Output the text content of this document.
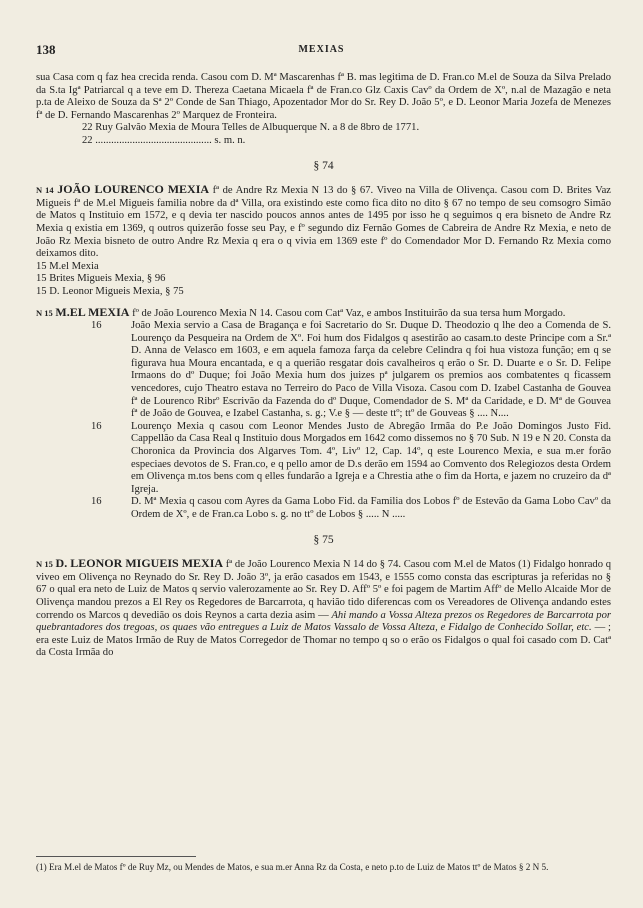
138	MEXIAS

sua Casa com q faz hea crecida renda. Casou com D. Mª Mascarenhas fª B. mas legitima de D. Fran.co M.el de Souza da Silva Prelado da S.ta Igª Patriarcal q a teve em D. Thereza Caetana Micaela fª de Fran.co Glz Caxis Cavº da Ordem de Xº, n.al de Mazagão e neta p.ta de Aleixo de Souza da Sª 2º Conde de San Thiago, Apozentador Mor do Sr. Rey D. João 5º, e D. Leonor Maria Jozefa de Menezes fª de D. Fernando Mascarenhas 2º Marquez de Fronteira.

22 Ruy Galvão Mexia de Moura Telles de Albuquerque N. a 8 de 8bro de 1771.

22 ............................................ s. m. n.

§ 74

N 14 JOÃO LOURENCO MEXIA fª de Andre Rz Mexia N 13 do § 67. Viveo na Villa de Olivença. Casou com D. Brites Vaz Migueis fª de M.el Migueis familia nobre da dª Villa, ora existindo este como fica dito no dito § 67 no tempo de seu comsogro Simão de Matos q Instituio em 1572, e q devia ter nascido poucos annos antes de 1495 por isso he q seguimos q era bisneto de Andre Rz Mexia q existia em 1369, q outros quizerão fosse seu Pay, e fº segundo diz Fernão Gomes de Cabreira de Andre Rz Mexia, e neto de João Rz Mexia bisneto de outro Andre Rz Mexia q era o q vivia em 1369 este fº do Comendador Mor D. Fernando Rz Mexia como deixamos dito.

15 M.el Mexia

15 Brites Migueis Mexia, § 96

15 D. Leonor Migueis Mexia, § 75

N 15 M.EL MEXIA fº de João Lourenco Mexia N 14. Casou com Catª Vaz, e ambos Instituirão da sua tersa hum Morgado.

16	João Mexia servio a Casa de Bragança e foi Sacretario do Sr. Duque D. Theodozio q lhe deo a Comenda de S. Lourenço da Pesqueira na Ordem de Xº. Foi hum dos Fidalgos q asestirão ao casam.to deste Principe com a Sr.ª D. Anna de Velasco em 1603, e em aquela famoza farça da celebre Celindra q foi hua vistoza função; em q se figurava hua Moura encantada, e q a querião resgatar dois cavalheiros q erão o Sr. D. Duarte e o Sr. D. Felipe Irmaons do dº Duque; foi João Mexia hum dos juizes pª julgarem os premios aos combatentes q ficassem vencedores, cujo Theatro estava no Terreiro do Paco de Villa Visoza. Casou com D. Izabel Castanha de Gouvea fª de Lourenco Ribrº Escrivão da Fazenda do dº Duque, Comendador de S. Mª da Caridade, e D. Mª de Gouvea fª de João de Gouvea, e Izabel Castanha, s. g.; V.e § — deste ttº; ttº de Gouveas § .... N....
16	Lourenço Mexia q casou com Leonor Mendes Justo de Abregão Irmãa do P.e João Domingos Justo Fid. Cappellão da Casa Real q Instituio dous Morgados em 1642 como dissemos no § 70 Sub. N 19 e N 20. Consta da Choronica da Provincia dos Algarves Tom. 4º, Livº 12, Cap. 14º, q este Lourenco Mexia, e sua m.er forão especiaes devotos de S. Fran.co, e q pello amor de D.s derão em 1594 ao Comvento dos Relegiozos desta Ordem em Olivença m.tos bens com q elles fundarão a Igreja e a Chrestia athe o fim da Horta, e jazem no cruzeiro da dª Igreja.
16	D. Mª Mexia q casou com Ayres da Gama Lobo Fid. da Familia dos Lobos fº de Estevão da Gama Lobo Cavº da Ordem de Xº, e de Fran.ca Lobo s. g. no ttº de Lobos § ..... N .....
§ 75

N 15 D. LEONOR MIGUEIS MEXIA fª de João Lourenco Mexia N 14 do § 74. Casou com M.el de Matos (1) Fidalgo honrado q viveo em Olivença no Reynado do Sr. Rey D. João 3º, ja erão casados em 1543, e 1555 como consta das escripturas ja referidas no § 67 o qual era neto de Luiz de Matos q servio valerozamente ao Sr. Rey D. Affº 5º e foi pagem de Martim Affº de Mello Alcaide Mor de Olivença mandou prezos a El Rey os Regedores de Barcarrota, q havião tido diferencas com os Vereadores de Olivença andando estes correndo os Marcos q devedião os dois Reynos a carta dezia asim — Ahi mando a Vossa Alteza prezos os Regedores de Barcarrota por quebrantadores dos tregoas, os quaes vão entregues a Luiz de Matos Vassalo de Vossa Alteza, e Fidalgo de Conhecido Sollar, etc. — ; era este Luiz de Matos Irmão de Ruy de Matos Corregedor de Thomar no tempo q so o erão os Fidalgos o qual foi casado com D. Catª da Costa Irmãa do

(1) Era M.el de Matos fº de Ruy Mz, ou Mendes de Matos, e sua m.er Anna Rz da Costa, e neto p.to de Luiz de Matos ttº de Matos § 2 N 5.
